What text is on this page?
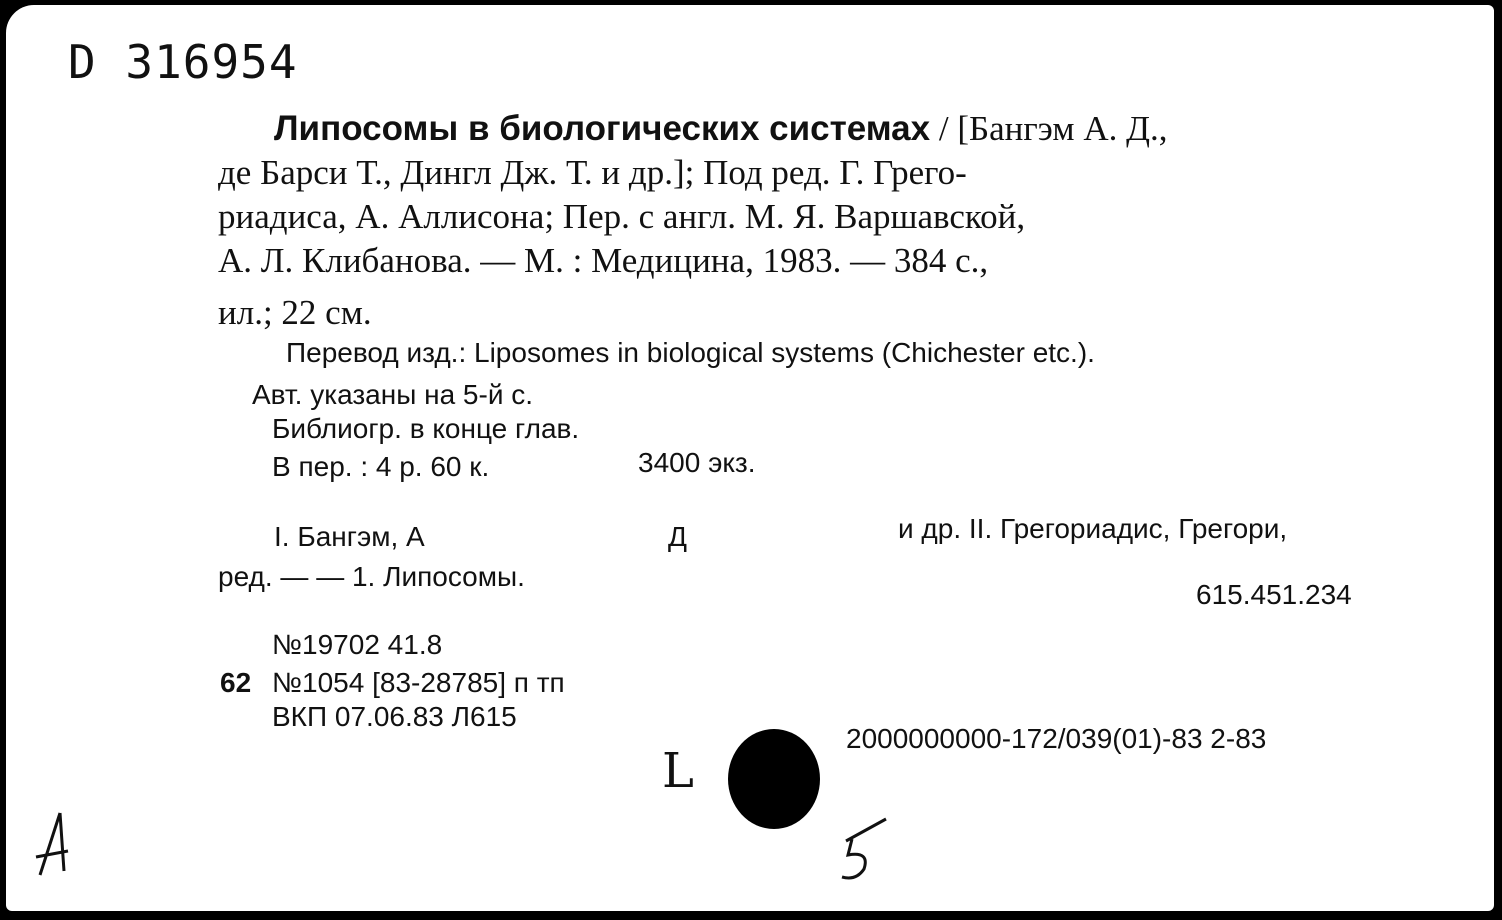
D 316954
Липосомы в биологических системах / [Бангэм А. Д.,
де Барси Т., Дингл Дж. Т. и др.]; Под ред. Г. Грего-
риадиса, А. Аллисона; Пер. с англ. М. Я. Варшавской,
А. Л. Клибанова. — М. : Медицина, 1983. — 384 с.,
ил.; 22 см.
Перевод изд.: Liposomes in biological systems (Chichester etc.).
Авт. указаны на 5-й с.
Библиогр. в конце глав.
В пер. : 4 р. 60 к.	3400 экз.
I. Бангэм, А	Д	и др. II. Грегориадис, Грегори,
ред. — — 1. Липосомы.
615.451.234
№19702 41.8
62 №1054 [83-28785] п тп
ВКП 07.06.83 Л615
L
2000000000-172/039(01)-83 2-83
